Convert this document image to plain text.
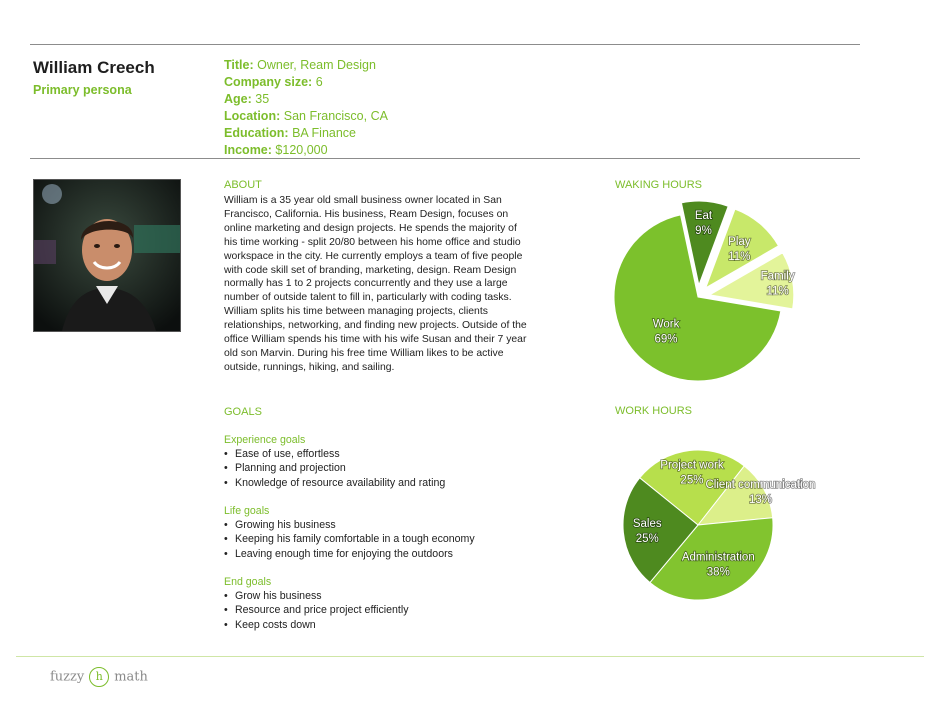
William Creech
Primary persona
Title: Owner, Ream Design
Company size: 6
Age: 35
Location: San Francisco, CA
Education: BA Finance
Income: $120,000
ABOUT
William is a 35 year old small business owner located in San Francisco, California. His business, Ream Design, focuses on online marketing and design projects. He spends the majority of his time working - split 20/80 between his home office and studio workspace in the city. He currently employs a team of five people with code skill set of branding, marketing, design. Ream Design normally has 1 to 2 projects concurrently and they use a large number of outside talent to fill in, particularly with coding tasks. William splits his time between managing projects, clients relationships, networking, and finding new projects. Outside of the office William spends his time with his wife Susan and their 7 year old son Marvin. During his free time William likes to be active outside, runnings, hiking, and sailing.
GOALS
Experience goals
• Ease of use, effortless
• Planning and projection
• Knowledge of resource availability and rating
Life goals
• Growing his business
• Keeping his family comfortable in a tough economy
• Leaving enough time for enjoying the outdoors
End goals
• Grow his business
• Resource and price project efficiently
• Keep costs down
WAKING HOURS
Eat
9%
Play
11%
Family
11%
Work
69%
WORK HOURS
Project work
25% Client communication
13%
Administration
38%
Sales
25%
fuzzy h math
